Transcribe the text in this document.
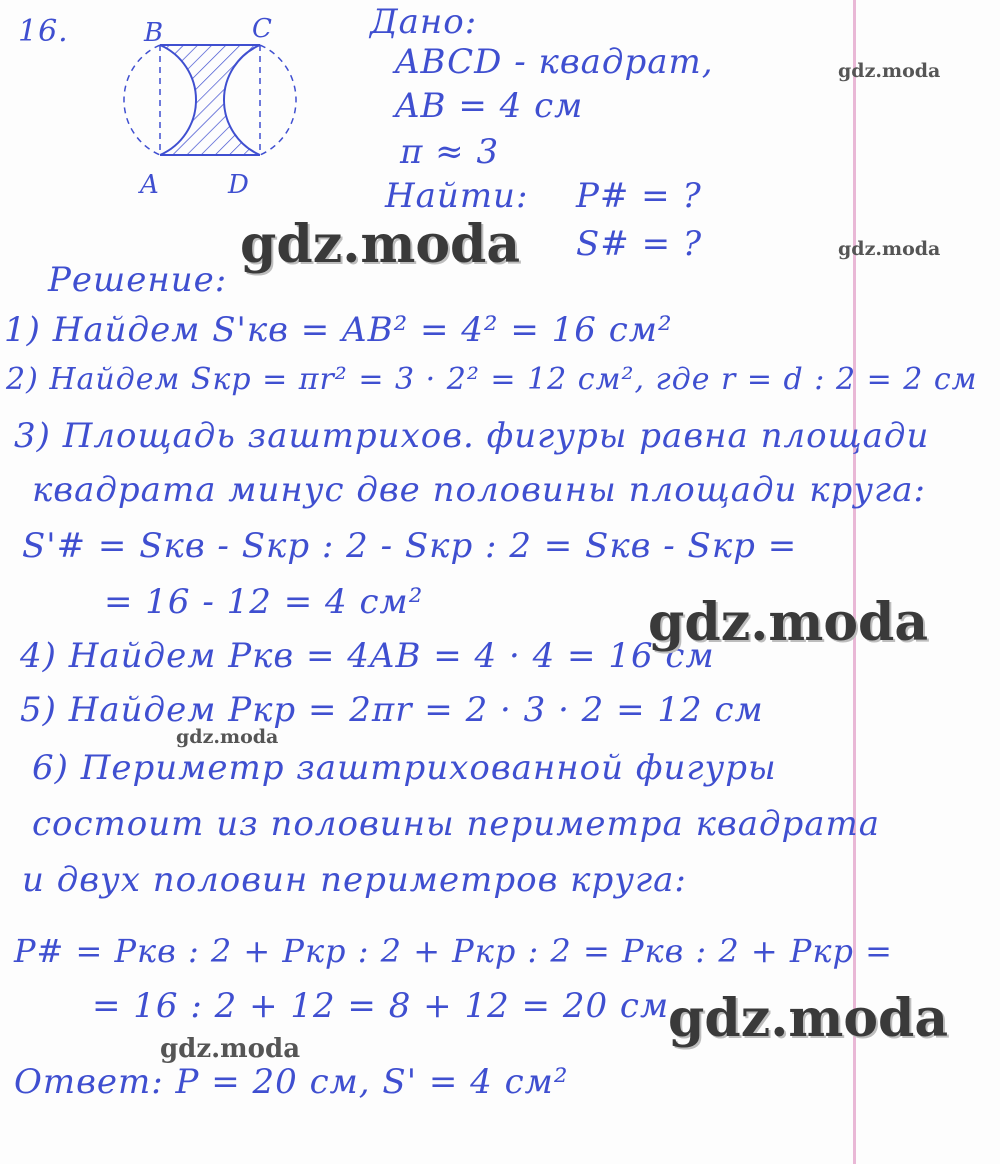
16.	B	C
A	D
Дано:
ABCD - квадрат,
AB = 4 см
π ≈ 3
Найти: P# = ?
S# = ?
Решение:
1) Найдем S'кв = AB² = 4² = 16 см²
2) Найдем Sкр = πr² = 3 · 2² = 12 см², где r = d : 2 = 2 см
3) Площадь заштрихов. фигуры равна площади
квадрата минус две половины площади круга:
S'# = Sкв - Sкр : 2 - Sкр : 2 = Sкв - Sкр =
= 16 - 12 = 4 см²
4) Найдем Pкв = 4AB = 4 · 4 = 16 см
5) Найдем Pкр = 2πr = 2 · 3 · 2 = 12 см
6) Периметр заштрихованной фигуры
состоит из половины периметра квадрата
и двух половин периметров круга:
P# = Pкв : 2 + Pкр : 2 + Pкр : 2 = Pкв : 2 + Pкр =
= 16 : 2 + 12 = 8 + 12 = 20 см.
Ответ: P = 20 см, S' = 4 см²
gdz.moda
gdz.moda
gdz.moda
gdz.moda
gdz.moda
gdz.moda
gdz.moda
